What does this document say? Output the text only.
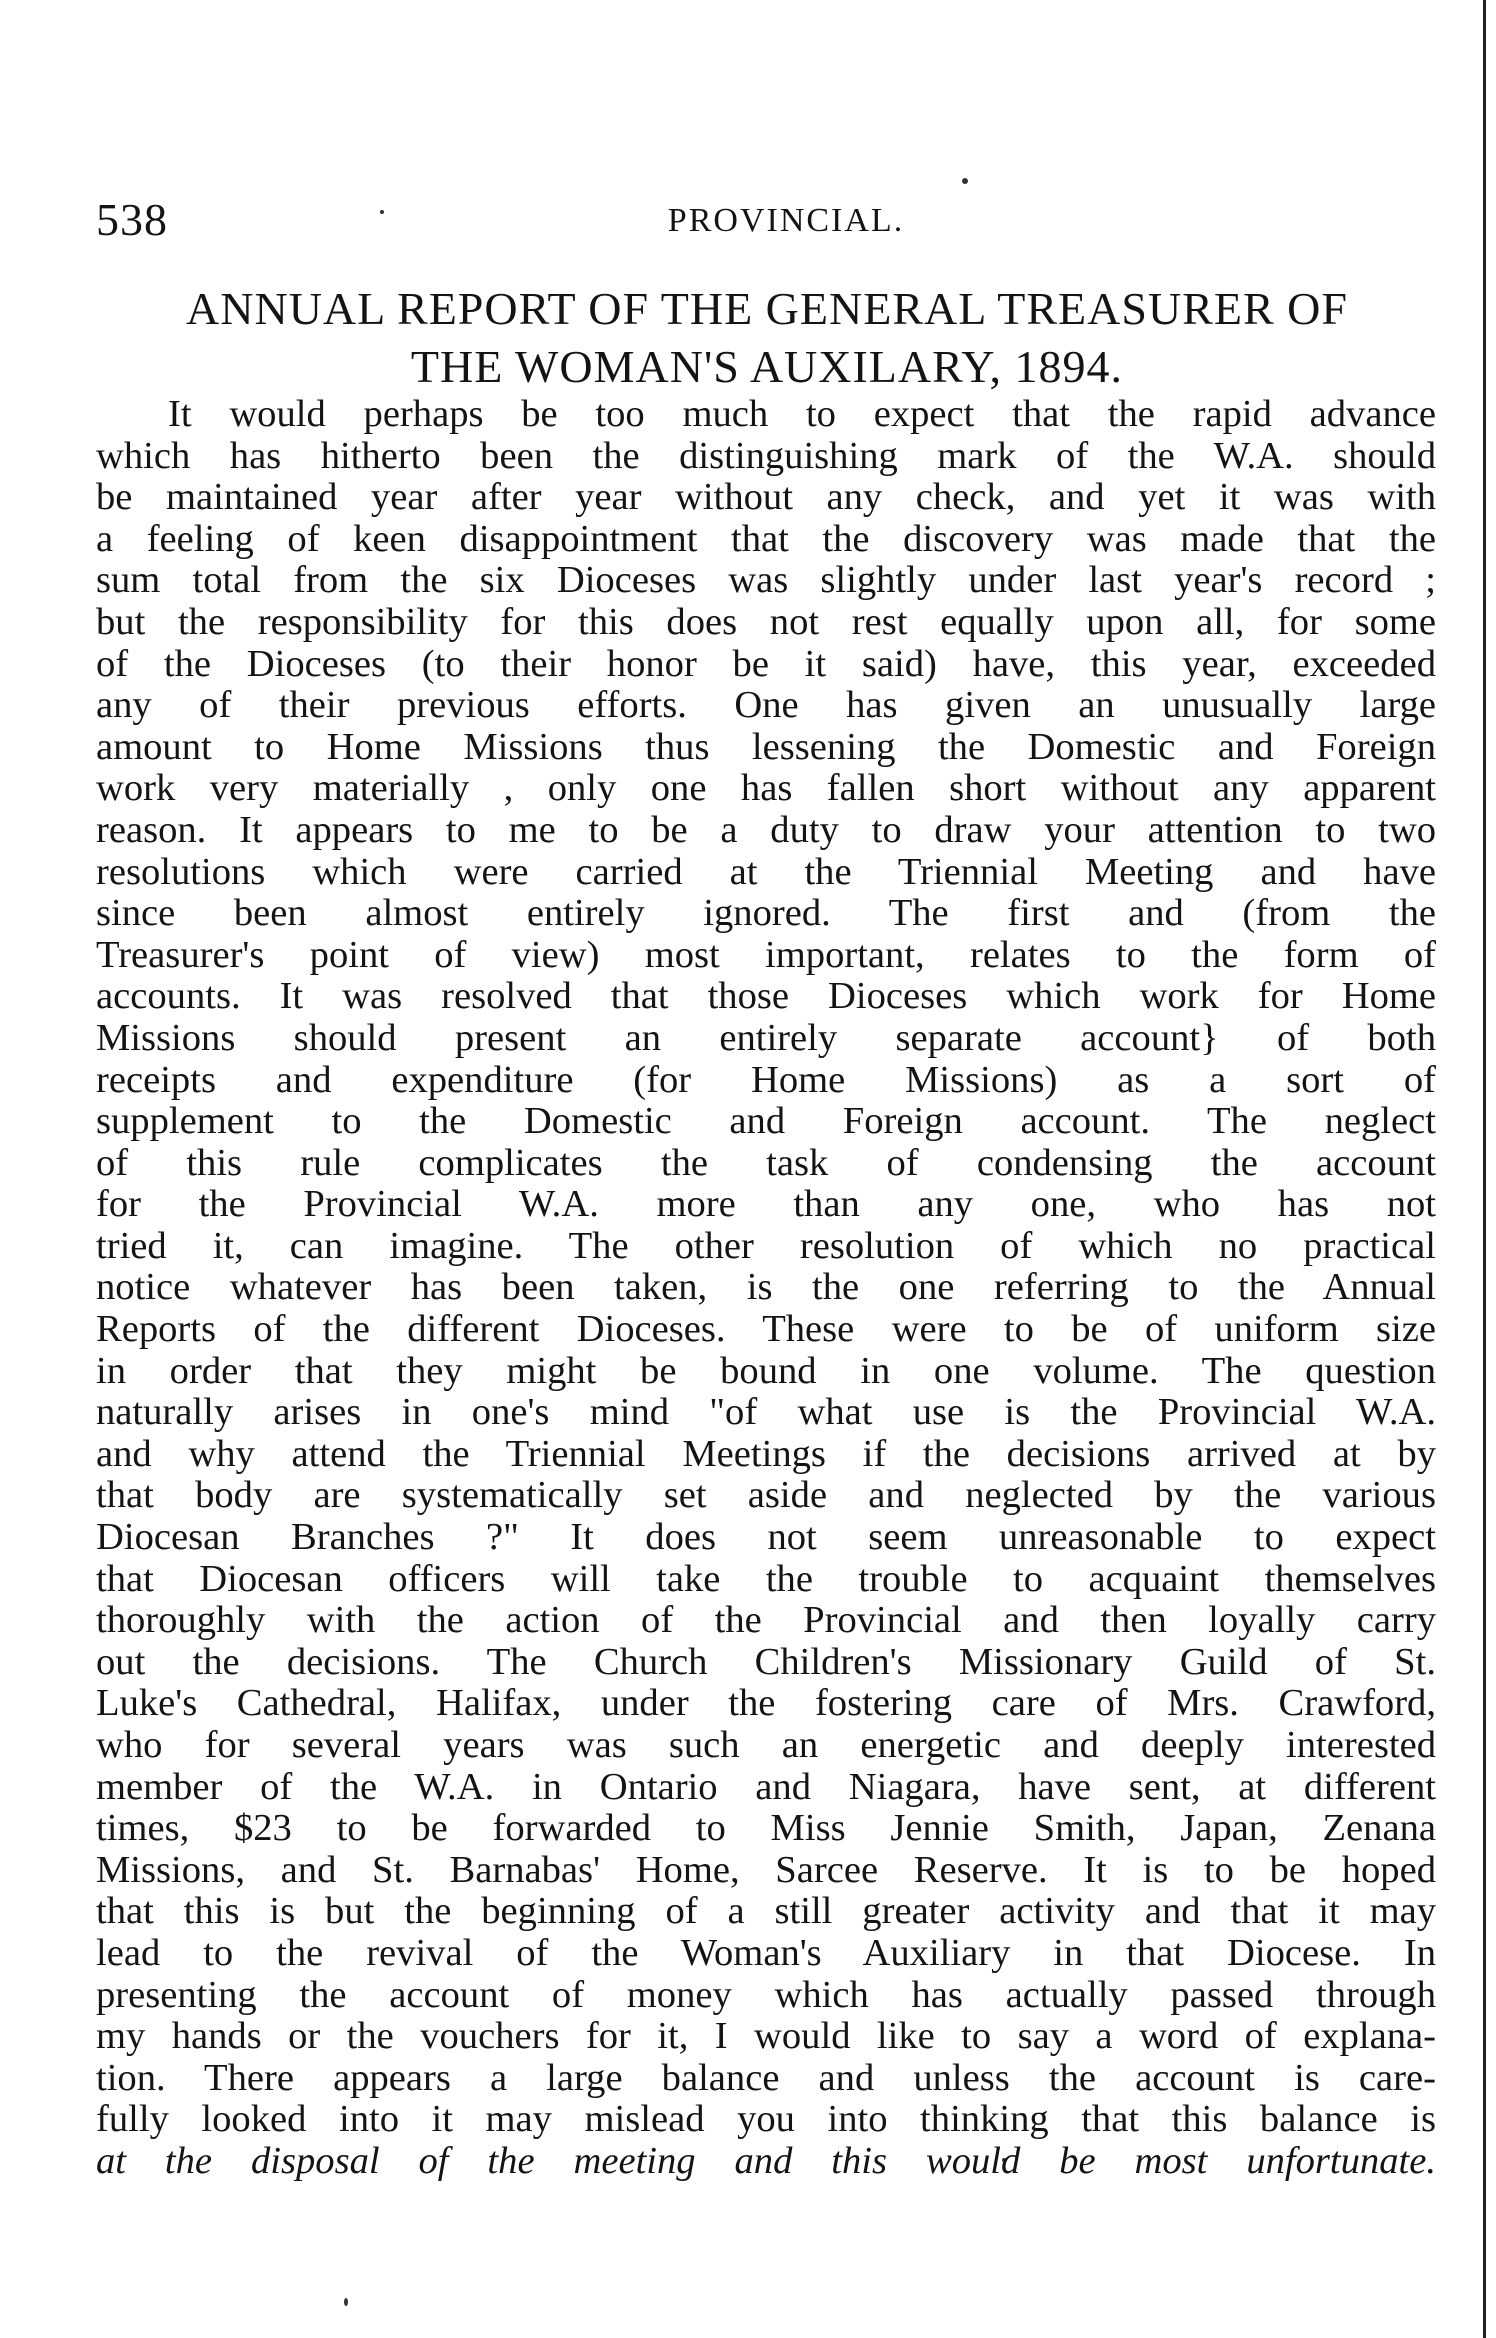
538	PROVINCIAL.
ANNUAL REPORT OF THE GENERAL TREASURER OF
THE WOMAN'S AUXILARY, 1894.
It would perhaps be too much to expect that the rapid advance
which has hitherto been the distinguishing mark of the W.A. should
be maintained year after year without any check, and yet it was with
a feeling of keen disappointment that the discovery was made that the
sum total from the six Dioceses was slightly under last year's record ;
but the responsibility for this does not rest equally upon all, for some
of the Dioceses (to their honor be it said) have, this year, exceeded
any of their previous efforts. One has given an unusually large
amount to Home Missions thus lessening the Domestic and Foreign
work very materially , only one has fallen short without any apparent
reason. It appears to me to be a duty to draw your attention to two
resolutions which were carried at the Triennial Meeting and have
since been almost entirely ignored. The first and (from the
Treasurer's point of view) most important, relates to the form of
accounts. It was resolved that those Dioceses which work for Home
Missions should present an entirely separate account} of both
receipts and expenditure (for Home Missions) as a sort of
supplement to the Domestic and Foreign account. The neglect
of this rule complicates the task of condensing the account
for the Provincial W.A. more than any one, who has not
tried it, can imagine. The other resolution of which no practical
notice whatever has been taken, is the one referring to the Annual
Reports of the different Dioceses. These were to be of uniform size
in order that they might be bound in one volume. The question
naturally arises in one's mind "of what use is the Provincial W.A.
and why attend the Triennial Meetings if the decisions arrived at by
that body are systematically set aside and neglected by the various
Diocesan Branches ?" It does not seem unreasonable to expect
that Diocesan officers will take the trouble to acquaint themselves
thoroughly with the action of the Provincial and then loyally carry
out the decisions. The Church Children's Missionary Guild of St.
Luke's Cathedral, Halifax, under the fostering care of Mrs. Crawford,
who for several years was such an energetic and deeply interested
member of the W.A. in Ontario and Niagara, have sent, at different
times, $23 to be forwarded to Miss Jennie Smith, Japan, Zenana
Missions, and St. Barnabas' Home, Sarcee Reserve. It is to be hoped
that this is but the beginning of a still greater activity and that it may
lead to the revival of the Woman's Auxiliary in that Diocese. In
presenting the account of money which has actually passed through
my hands or the vouchers for it, I would like to say a word of explana-
tion. There appears a large balance and unless the account is care-
fully looked into it may mislead you into thinking that this balance is
at the disposal of the meeting and this would be most unfortunate.
